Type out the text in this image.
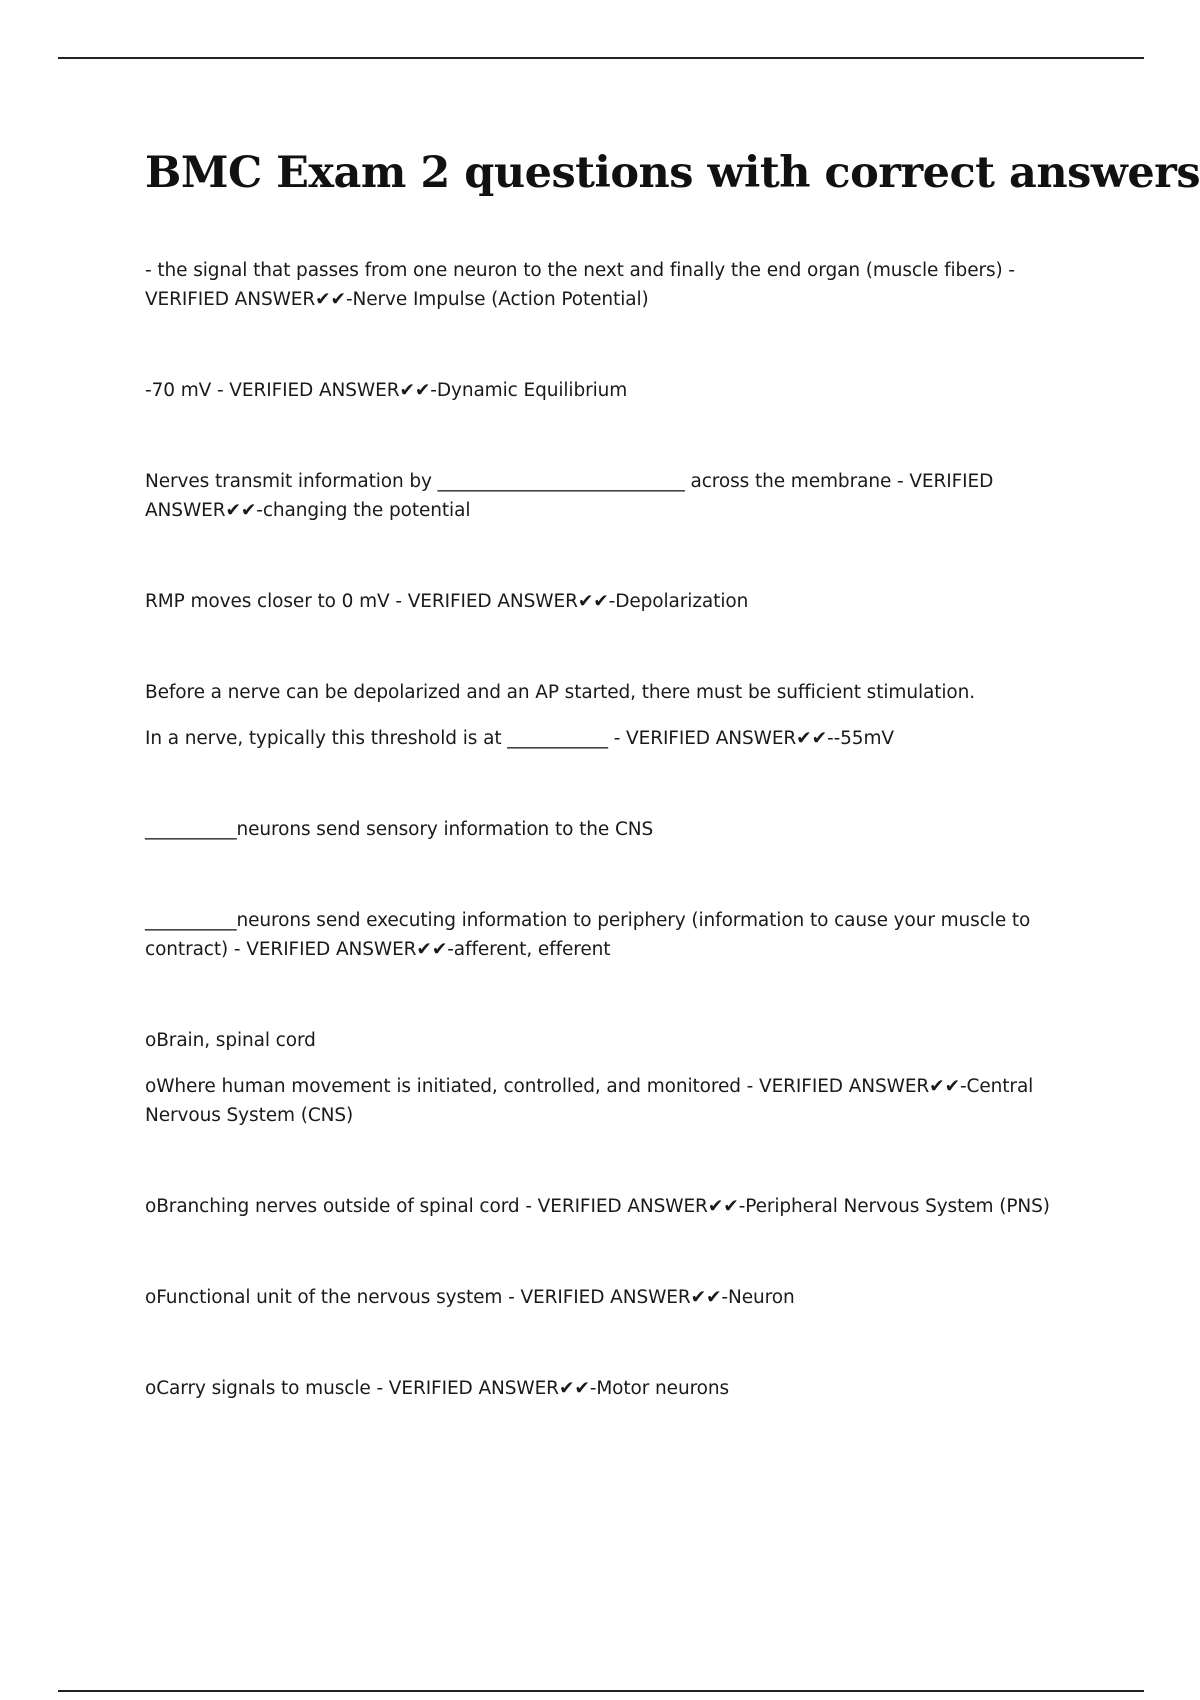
BMC Exam 2 questions with correct answers

- the signal that passes from one neuron to the next and finally the end organ (muscle fibers) - VERIFIED ANSWER✔✔-Nerve Impulse (Action Potential)

-70 mV - VERIFIED ANSWER✔✔-Dynamic Equilibrium

Nerves transmit information by ___________________________ across the membrane - VERIFIED ANSWER✔✔-changing the potential

RMP moves closer to 0 mV - VERIFIED ANSWER✔✔-Depolarization

Before a nerve can be depolarized and an AP started, there must be sufficient stimulation.

In a nerve, typically this threshold is at ___________ - VERIFIED ANSWER✔✔--55mV

__________neurons send sensory information to the CNS

__________neurons send executing information to periphery (information to cause your muscle to contract) - VERIFIED ANSWER✔✔-afferent, efferent

oBrain, spinal cord

oWhere human movement is initiated, controlled, and monitored - VERIFIED ANSWER✔✔-Central Nervous System (CNS)

oBranching nerves outside of spinal cord - VERIFIED ANSWER✔✔-Peripheral Nervous System (PNS)

oFunctional unit of the nervous system - VERIFIED ANSWER✔✔-Neuron

oCarry signals to muscle - VERIFIED ANSWER✔✔-Motor neurons
